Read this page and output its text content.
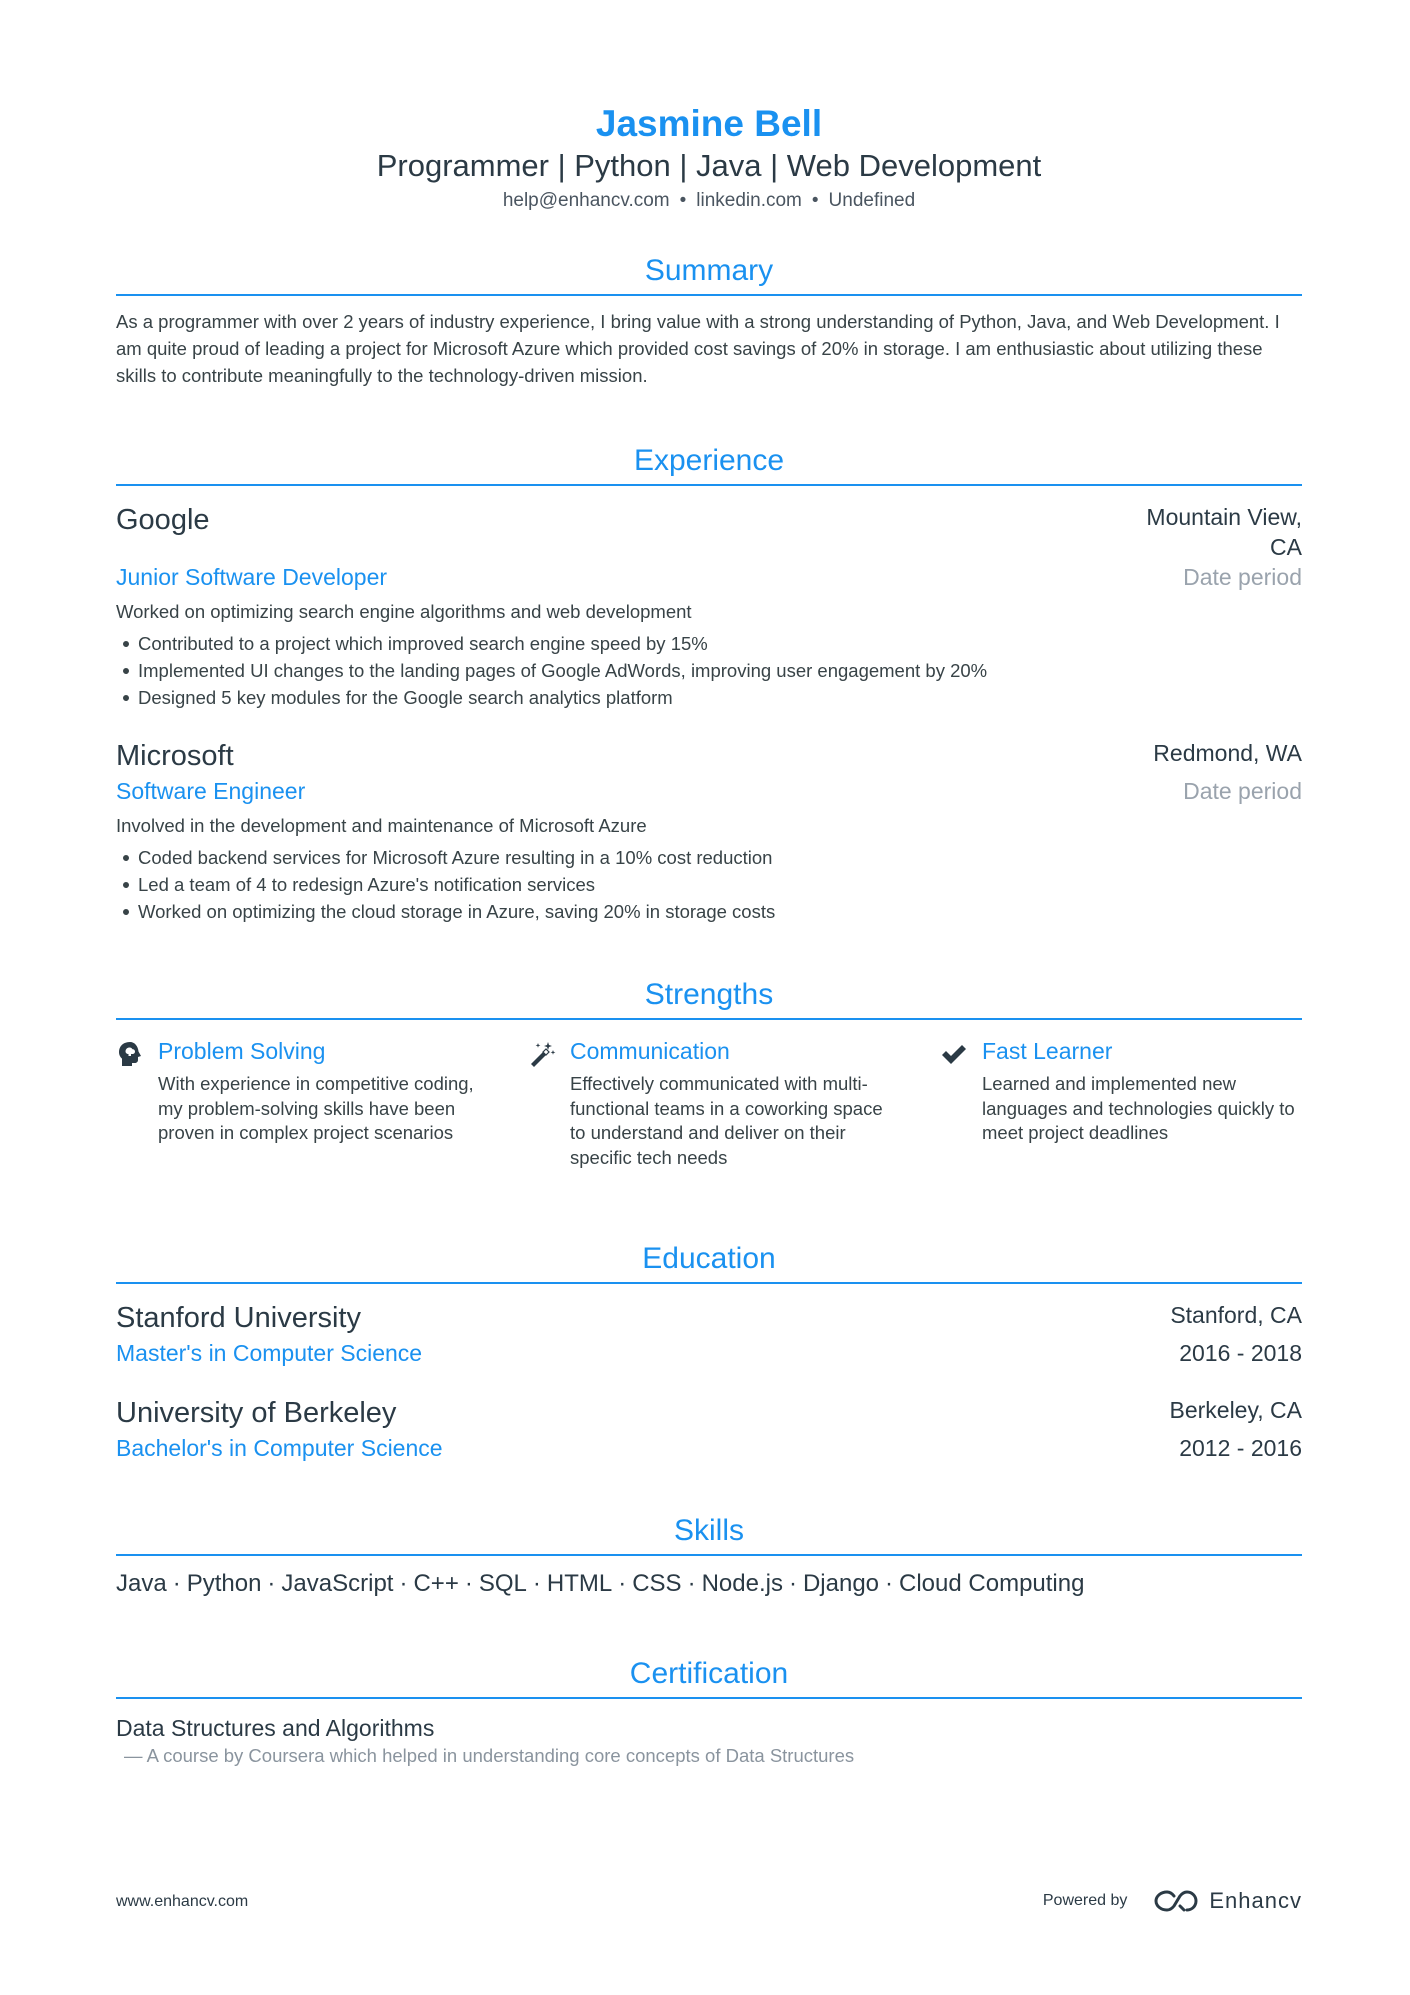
Jasmine Bell
Programmer | Python | Java | Web Development
help@enhancv.com • linkedin.com • Undefined
Summary
As a programmer with over 2 years of industry experience, I bring value with a strong understanding of Python, Java, and Web Development. I am quite proud of leading a project for Microsoft Azure which provided cost savings of 20% in storage. I am enthusiastic about utilizing these skills to contribute meaningfully to the technology-driven mission.
Experience
Google	Mountain View,
CA
Junior Software Developer	Date period
Worked on optimizing search engine algorithms and web development
Contributed to a project which improved search engine speed by 15%
Implemented UI changes to the landing pages of Google AdWords, improving user engagement by 20%
Designed 5 key modules for the Google search analytics platform
Microsoft	Redmond, WA
Software Engineer	Date period
Involved in the development and maintenance of Microsoft Azure
Coded backend services for Microsoft Azure resulting in a 10% cost reduction
Led a team of 4 to redesign Azure's notification services
Worked on optimizing the cloud storage in Azure, saving 20% in storage costs
Strengths
Problem Solving
With experience in competitive coding, my problem-solving skills have been proven in complex project scenarios
Communication
Effectively communicated with multi-functional teams in a coworking space to understand and deliver on their specific tech needs
Fast Learner
Learned and implemented new languages and technologies quickly to meet project deadlines
Education
Stanford University	Stanford, CA
Master's in Computer Science	2016 - 2018
University of Berkeley	Berkeley, CA
Bachelor's in Computer Science	2012 - 2016
Skills
Java · Python · JavaScript · C++ · SQL · HTML · CSS · Node.js · Django · Cloud Computing
Certification
Data Structures and Algorithms
— A course by Coursera which helped in understanding core concepts of Data Structures
www.enhancv.com	Powered by	Enhancv
